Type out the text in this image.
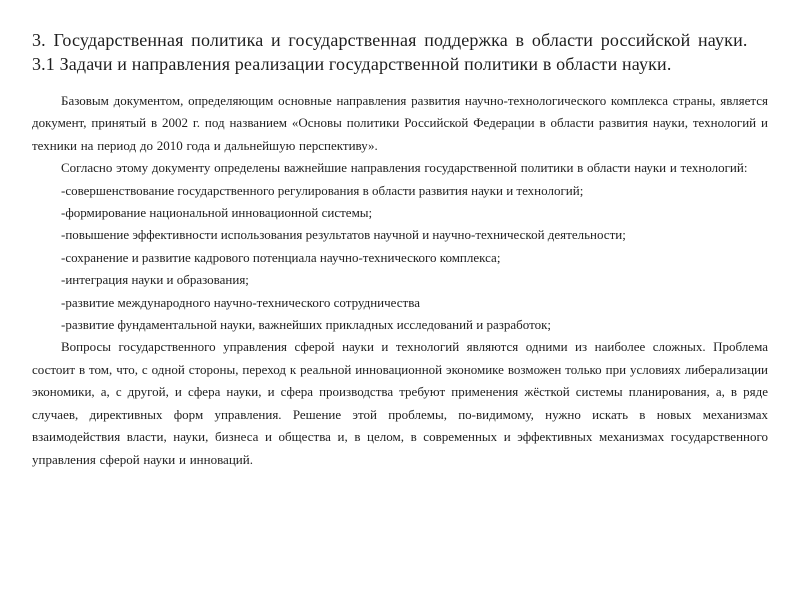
3. Государственная политика и государственная поддержка в области российской науки.
3.1 Задачи и направления реализации государственной политики в области науки.

Базовым документом, определяющим основные направления развития научно-технологического комплекса страны, является документ, принятый в 2002 г. под названием «Основы политики Российской Федерации в области развития науки, технологий и техники на период до 2010 года и дальнейшую перспективу».

Согласно этому документу определены важнейшие направления государственной политики в области науки и технологий:

-совершенствование государственного регулирования в области развития науки и технологий;

-формирование национальной инновационной системы;

-повышение эффективности использования результатов научной и научно-технической деятельности;

-сохранение и развитие кадрового потенциала научно-технического комплекса;

-интеграция науки и образования;

-развитие международного научно-технического сотрудничества

-развитие фундаментальной науки, важнейших прикладных исследований и разработок;

Вопросы государственного управления сферой науки и технологий являются одними из наиболее сложных. Проблема состоит в том, что, с одной стороны, переход к реальной инновационной экономике возможен только при условиях либерализации экономики, а, с другой, и сфера науки, и сфера производства требуют применения жёсткой системы планирования, а, в ряде случаев, директивных форм управления. Решение этой проблемы, по-видимому, нужно искать в новых механизмах взаимодействия власти, науки, бизнеса и общества и, в целом, в современных и эффективных механизмах государственного управления сферой науки и инноваций.
